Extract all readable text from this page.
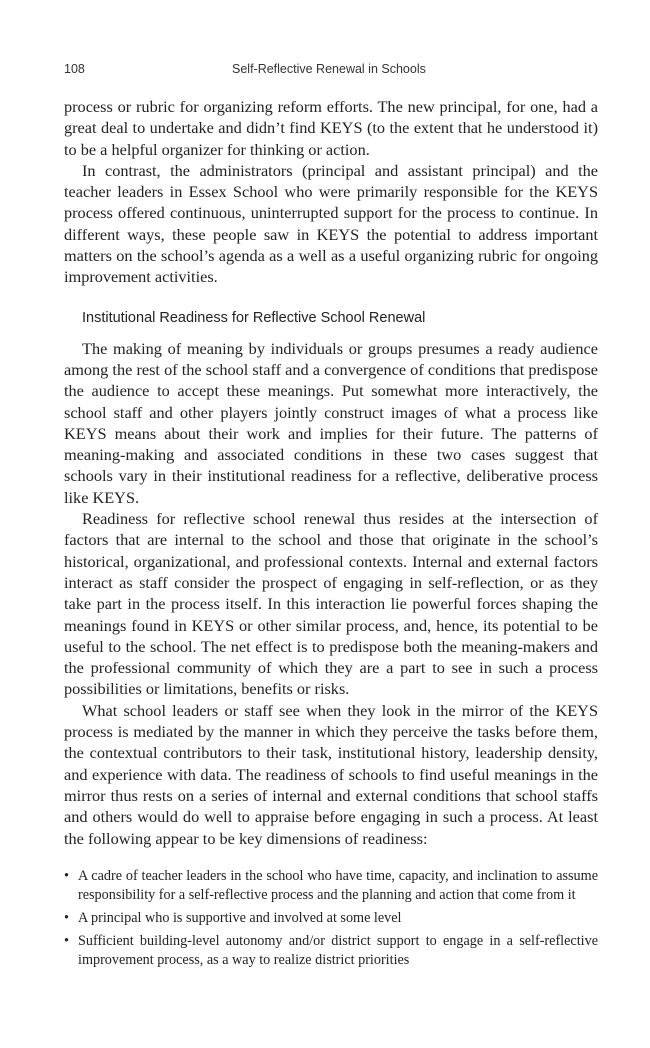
108	Self-Reflective Renewal in Schools

process or rubric for organizing reform efforts. The new principal, for one, had a great deal to undertake and didn’t find KEYS (to the extent that he understood it) to be a helpful organizer for thinking or action.

In contrast, the administrators (principal and assistant principal) and the teacher leaders in Essex School who were primarily responsible for the KEYS process offered continuous, uninterrupted support for the process to continue. In different ways, these people saw in KEYS the potential to address important matters on the school’s agenda as a well as a useful organizing rubric for ongoing improvement activities.

Institutional Readiness for Reflective School Renewal

The making of meaning by individuals or groups presumes a ready audience among the rest of the school staff and a convergence of conditions that predispose the audience to accept these meanings. Put somewhat more interactively, the school staff and other players jointly construct images of what a process like KEYS means about their work and implies for their future. The patterns of meaning-making and associated conditions in these two cases suggest that schools vary in their institutional readiness for a reflective, deliberative process like KEYS.

Readiness for reflective school renewal thus resides at the intersection of factors that are internal to the school and those that originate in the school’s historical, organizational, and professional contexts. Internal and external factors interact as staff consider the prospect of engaging in self-reflection, or as they take part in the process itself. In this interaction lie powerful forces shaping the meanings found in KEYS or other similar process, and, hence, its potential to be useful to the school. The net effect is to predispose both the meaning-makers and the professional community of which they are a part to see in such a process possibilities or limitations, benefits or risks.

What school leaders or staff see when they look in the mirror of the KEYS process is mediated by the manner in which they perceive the tasks before them, the contextual contributors to their task, institutional history, leadership density, and experience with data. The readiness of schools to find useful meanings in the mirror thus rests on a series of internal and external conditions that school staffs and others would do well to appraise before engaging in such a process. At least the following appear to be key dimensions of readiness:

• A cadre of teacher leaders in the school who have time, capacity, and inclination to assume responsibility for a self-reflective process and the planning and action that come from it
• A principal who is supportive and involved at some level
• Sufficient building-level autonomy and/or district support to engage in a self-reflective improvement process, as a way to realize district priorities
